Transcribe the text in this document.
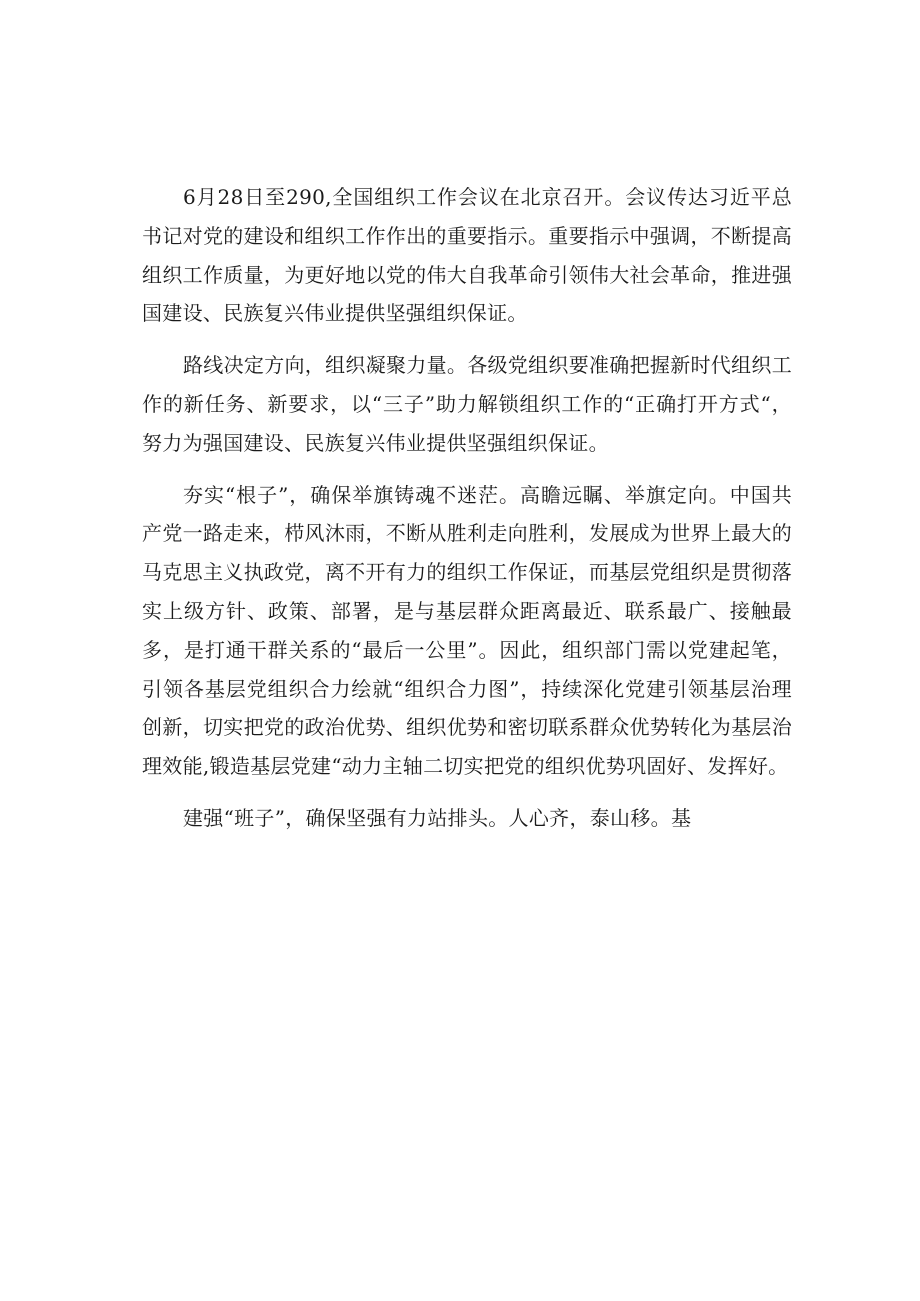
6月28日至290,全国组织工作会议在北京召开。会议传达习近平总书记对党的建设和组织工作作出的重要指示。重要指示中强调，不断提高组织工作质量，为更好地以党的伟大自我革命引领伟大社会革命，推进强国建设、民族复兴伟业提供坚强组织保证。

路线决定方向，组织凝聚力量。各级党组织要准确把握新时代组织工作的新任务、新要求，以“三子”助力解锁组织工作的“正确打开方式“，努力为强国建设、民族复兴伟业提供坚强组织保证。

夯实“根子”，确保举旗铸魂不迷茫。高瞻远瞩、举旗定向。中国共产党一路走来，栉风沐雨，不断从胜利走向胜利，发展成为世界上最大的马克思主义执政党，离不开有力的组织工作保证，而基层党组织是贯彻落实上级方针、政策、部署，是与基层群众距离最近、联系最广、接触最多，是打通干群关系的“最后一公里”。因此，组织部门需以党建起笔，引领各基层党组织合力绘就“组织合力图”，持续深化党建引领基层治理创新，切实把党的政治优势、组织优势和密切联系群众优势转化为基层治理效能,锻造基层党建“动力主轴二切实把党的组织优势巩固好、发挥好。

建强“班子”，确保坚强有力站排头。人心齐，泰山移。基
